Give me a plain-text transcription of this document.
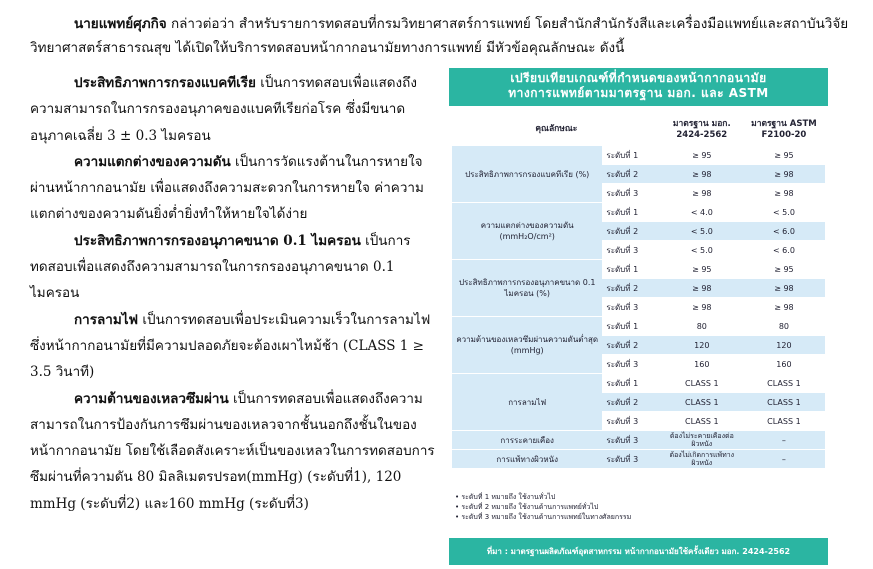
นายแพทย์ศุภกิจ กล่าวต่อว่า สำหรับรายการทดสอบที่กรมวิทยาศาสตร์การแพทย์ โดยสำนักสำนักรังสีและเครื่องมือแพทย์และสถาบันวิจัยวิทยาศาสตร์สาธารณสุข ได้เปิดให้บริการทดสอบหน้ากากอนามัยทางการแพทย์ มีหัวข้อคุณลักษณะ ดังนี้

ประสิทธิภาพการกรองแบคทีเรีย เป็นการทดสอบเพื่อแสดงถึงความสามารถในการกรองอนุภาคของแบคทีเรียก่อโรค ซึ่งมีขนาดอนุภาคเฉลี่ย 3 ± 0.3 ไมครอน

ความแตกต่างของความดัน เป็นการวัดแรงต้านในการหายใจผ่านหน้ากากอนามัย เพื่อแสดงถึงความสะดวกในการหายใจ ค่าความแตกต่างของความดันยิ่งต่ำยิ่งทำให้หายใจได้ง่าย

ประสิทธิภาพการกรองอนุภาคขนาด 0.1 ไมครอน เป็นการทดสอบเพื่อแสดงถึงความสามารถในการกรองอนุภาคขนาด 0.1 ไมครอน

การลามไฟ เป็นการทดสอบเพื่อประเมินความเร็วในการลามไฟ ซึ่งหน้ากากอนามัยที่มีความปลอดภัยจะต้องเผาไหม้ช้า (CLASS 1 ≥ 3.5 วินาที)

ความต้านของเหลวซึมผ่าน เป็นการทดสอบเพื่อแสดงถึงความสามารถในการป้องกันการซึมผ่านของเหลวจากชั้นนอกถึงชั้นในของหน้ากากอนามัย โดยใช้เลือดสังเคราะห์เป็นของเหลวในการทดสอบการซึมผ่านที่ความดัน 80 มิลลิเมตรปรอท(mmHg) (ระดับที่1), 120 mmHg (ระดับที่2) และ160 mmHg (ระดับที่3)

เปรียบเทียบเกณฑ์ที่กำหนดของหน้ากากอนามัย
ทางการแพทย์ตามมาตรฐาน มอก. และ ASTM
คุณลักษณะ		มาตรฐาน มอก. 2424-2562	มาตรฐาน ASTM F2100-20
ประสิทธิภาพการกรองแบคทีเรีย (%)	ระดับที่ 1	≥ 95	≥ 95
	ระดับที่ 2	≥ 98	≥ 98
	ระดับที่ 3	≥ 98	≥ 98
ความแตกต่างของความดัน (mmH₂O/cm²)	ระดับที่ 1	< 4.0	< 5.0
	ระดับที่ 2	< 5.0	< 6.0
	ระดับที่ 3	< 5.0	< 6.0
ประสิทธิภาพการกรองอนุภาคขนาด 0.1 ไมครอน (%)	ระดับที่ 1	≥ 95	≥ 95
	ระดับที่ 2	≥ 98	≥ 98
	ระดับที่ 3	≥ 98	≥ 98
ความต้านของเหลวซึมผ่านความดันต่ำสุด (mmHg)	ระดับที่ 1	80	80
	ระดับที่ 2	120	120
	ระดับที่ 3	160	160
การลามไฟ	ระดับที่ 1	CLASS 1	CLASS 1
	ระดับที่ 2	CLASS 1	CLASS 1
	ระดับที่ 3	CLASS 1	CLASS 1
การระคายเคือง	ระดับที่ 3	ต้องไม่ระคายเคืองต่อผิวหนัง	–
การแพ้ทางผิวหนัง	ระดับที่ 3	ต้องไม่เกิดการแพ้ทางผิวหนัง	–
• ระดับที่ 1 หมายถึง ใช้งานทั่วไป
• ระดับที่ 2 หมายถึง ใช้งานด้านการแพทย์ทั่วไป
• ระดับที่ 3 หมายถึง ใช้งานด้านการแพทย์ในทางศัลยกรรม
ที่มา : มาตรฐานผลิตภัณฑ์อุตสาหกรรม หน้ากากอนามัยใช้ครั้งเดียว มอก. 2424-2562
